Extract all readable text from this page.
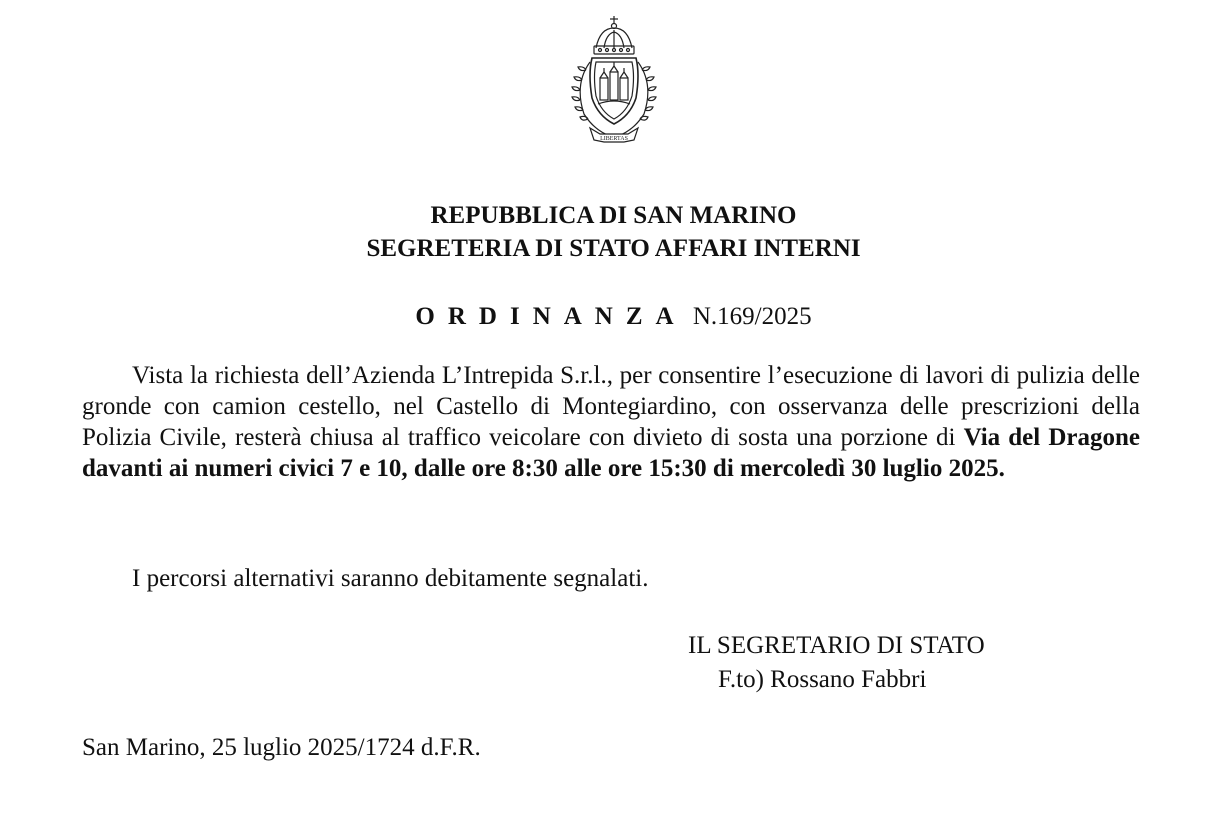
LIBERTAS
REPUBBLICA DI SAN MARINO
SEGRETERIA DI STATO AFFARI INTERNI
ORDINANZA N.169/2025

Vista la richiesta dell’Azienda L’Intrepida S.r.l., per consentire l’esecuzione di lavori di pulizia delle gronde con camion cestello, nel Castello di Montegiardino, con osservanza delle prescrizioni della Polizia Civile, resterà chiusa al traffico veicolare con divieto di sosta una porzione di Via del Dragone davanti ai numeri civici 7 e 10, dalle ore 8:30 alle ore 15:30 di mercoledì 30 luglio 2025.

I percorsi alternativi saranno debitamente segnalati.

IL SEGRETARIO DI STATO
F.to) Rossano Fabbri
San Marino, 25 luglio 2025/1724 d.F.R.
